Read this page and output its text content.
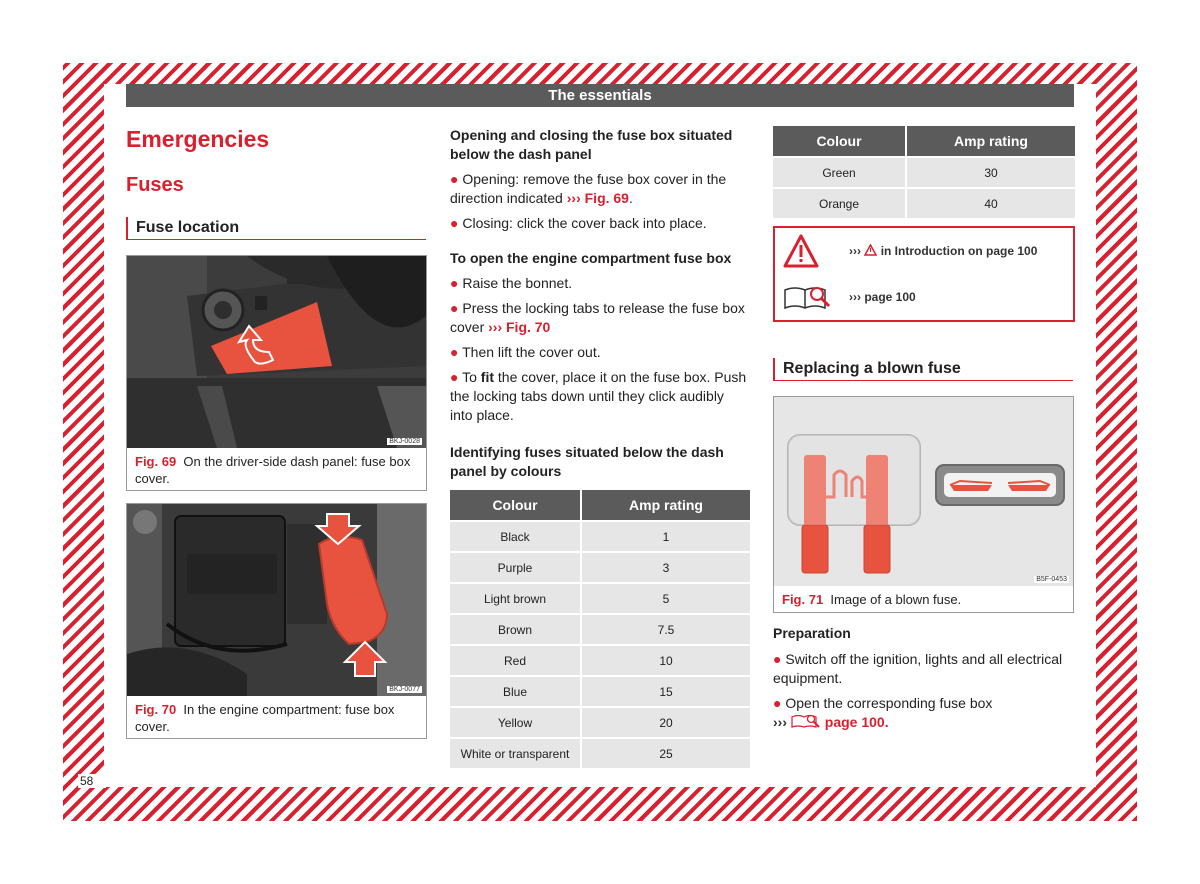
58
The essentials
Emergencies
Fuses
Fuse location
BKJ-0028
Fig. 69 On the driver-side dash panel: fuse box cover.
BKJ-0077
Fig. 70 In the engine compartment: fuse box cover.
Opening and closing the fuse box situated below the dash panel
● Opening: remove the fuse box cover in the direction indicated ››› Fig. 69.
● Closing: click the cover back into place.
To open the engine compartment fuse box
● Raise the bonnet.
● Press the locking tabs to release the fuse box cover ››› Fig. 70
● Then lift the cover out.
● To fit the cover, place it on the fuse box. Push the locking tabs down until they click audibly into place.
Identifying fuses situated below the dash panel by colours
Colour	Amp rating
Black	1
Purple	3
Light brown	5
Brown	7.5
Red	10
Blue	15
Yellow	20
White or transparent	25
Colour	Amp rating
Green	30
Orange	40
››› in Introduction on page 100
››› page 100
Replacing a blown fuse
B5F-0453
Fig. 71 Image of a blown fuse.
Preparation
● Switch off the ignition, lights and all electrical equipment.
● Open the corresponding fuse box
›››	page 100.
